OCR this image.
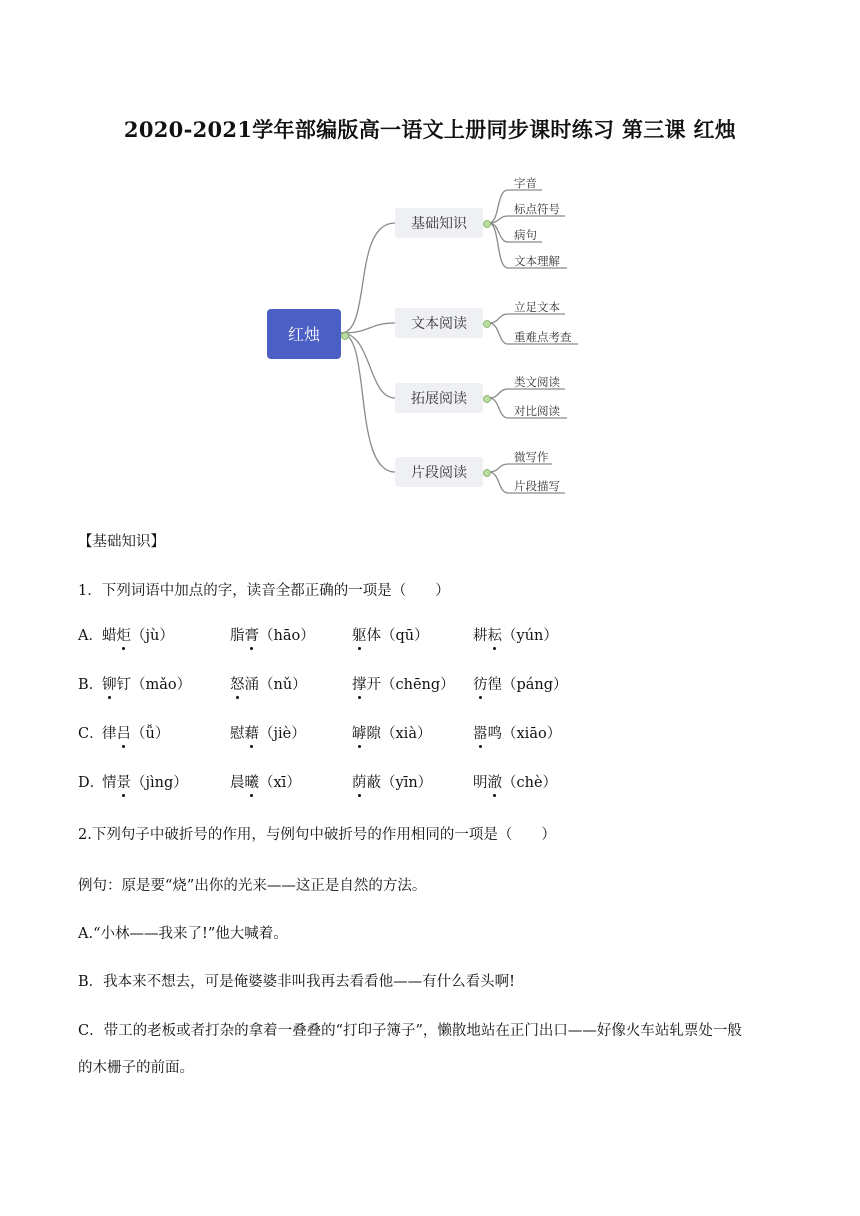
2020-2021学年部编版高一语文上册同步课时练习 第三课 红烛
红烛
基础知识
文本阅读
拓展阅读
片段阅读
字音
标点符号
病句
文本理解
立足文本
重难点考查
类文阅读
对比阅读
微写作
片段描写
【基础知识】
1．下列词语中加点的字，读音全都正确的一项是（　　）
A．
B．
C．
D．
蜡炬（jù）	脂膏（hāo）	躯体（qū）	耕耘（yún）
铆钉（mǎo）	怒涌（nǔ）	撑开（chēng） 彷徨（páng）
律吕（ǚ）	慰藉（jiè）	罅隙（xià）	嚣鸣（xiāo）
情景（jìng）	晨曦（xī）	荫蔽（yīn）	明澈（chè）
2.下列句子中破折号的作用，与例句中破折号的作用相同的一项是（　　）
例句：原是要“烧”出你的光来——这正是自然的方法。
A.“小林——我来了!”他大喊着。
B．我本来不想去，可是俺婆婆非叫我再去看看他——有什么看头啊!
C．带工的老板或者打杂的拿着一叠叠的“打印子簿子”，懒散地站在正门出口——好像火车站轧票处一般
的木栅子的前面。
